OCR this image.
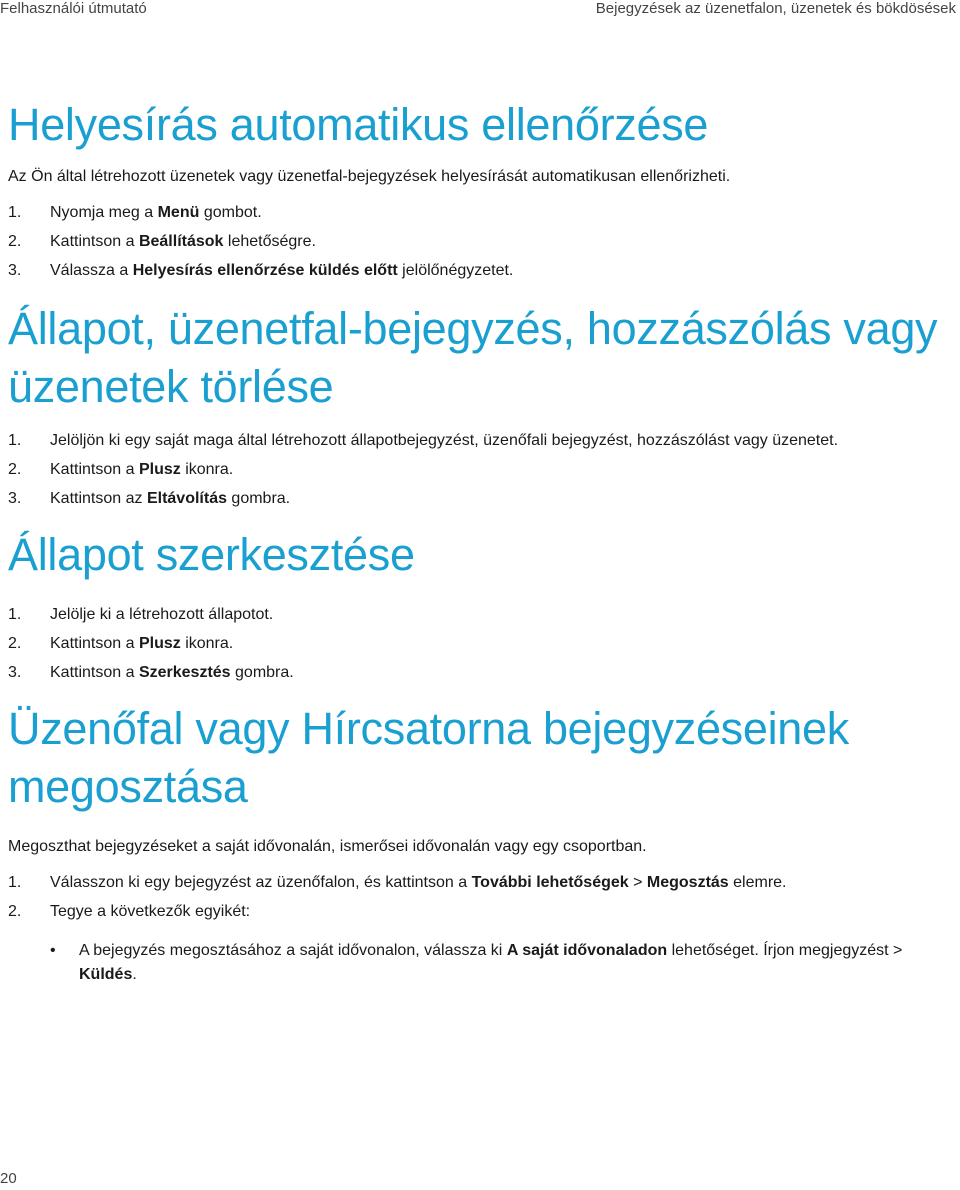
Felhasználói útmutató	Bejegyzések az üzenetfalon, üzenetek és bökdösések
Helyesírás automatikus ellenőrzése

Az Ön által létrehozott üzenetek vagy üzenetfal-bejegyzések helyesírását automatikusan ellenőrizheti.

1.	Nyomja meg a Menü gombot.
2.	Kattintson a Beállítások lehetőségre.
3.	Válassza a Helyesírás ellenőrzése küldés előtt jelölőnégyzetet.
Állapot, üzenetfal-bejegyzés, hozzászólás vagy üzenetek törlése
1.	Jelöljön ki egy saját maga által létrehozott állapotbejegyzést, üzenőfali bejegyzést, hozzászólást vagy üzenetet.
2.	Kattintson a Plusz ikonra.
3.	Kattintson az Eltávolítás gombra.
Állapot szerkesztése
1.	Jelölje ki a létrehozott állapotot.
2.	Kattintson a Plusz ikonra.
3.	Kattintson a Szerkesztés gombra.
Üzenőfal vagy Hírcsatorna bejegyzéseinek megosztása

Megoszthat bejegyzéseket a saját idővonalán, ismerősei idővonalán vagy egy csoportban.

1.	Válasszon ki egy bejegyzést az üzenőfalon, és kattintson a További lehetőségek > Megosztás elemre.
2.	Tegye a következők egyikét:
•	A bejegyzés megosztásához a saját idővonalon, válassza ki A saját idővonaladon lehetőséget. Írjon megjegyzést > Küldés.
20
